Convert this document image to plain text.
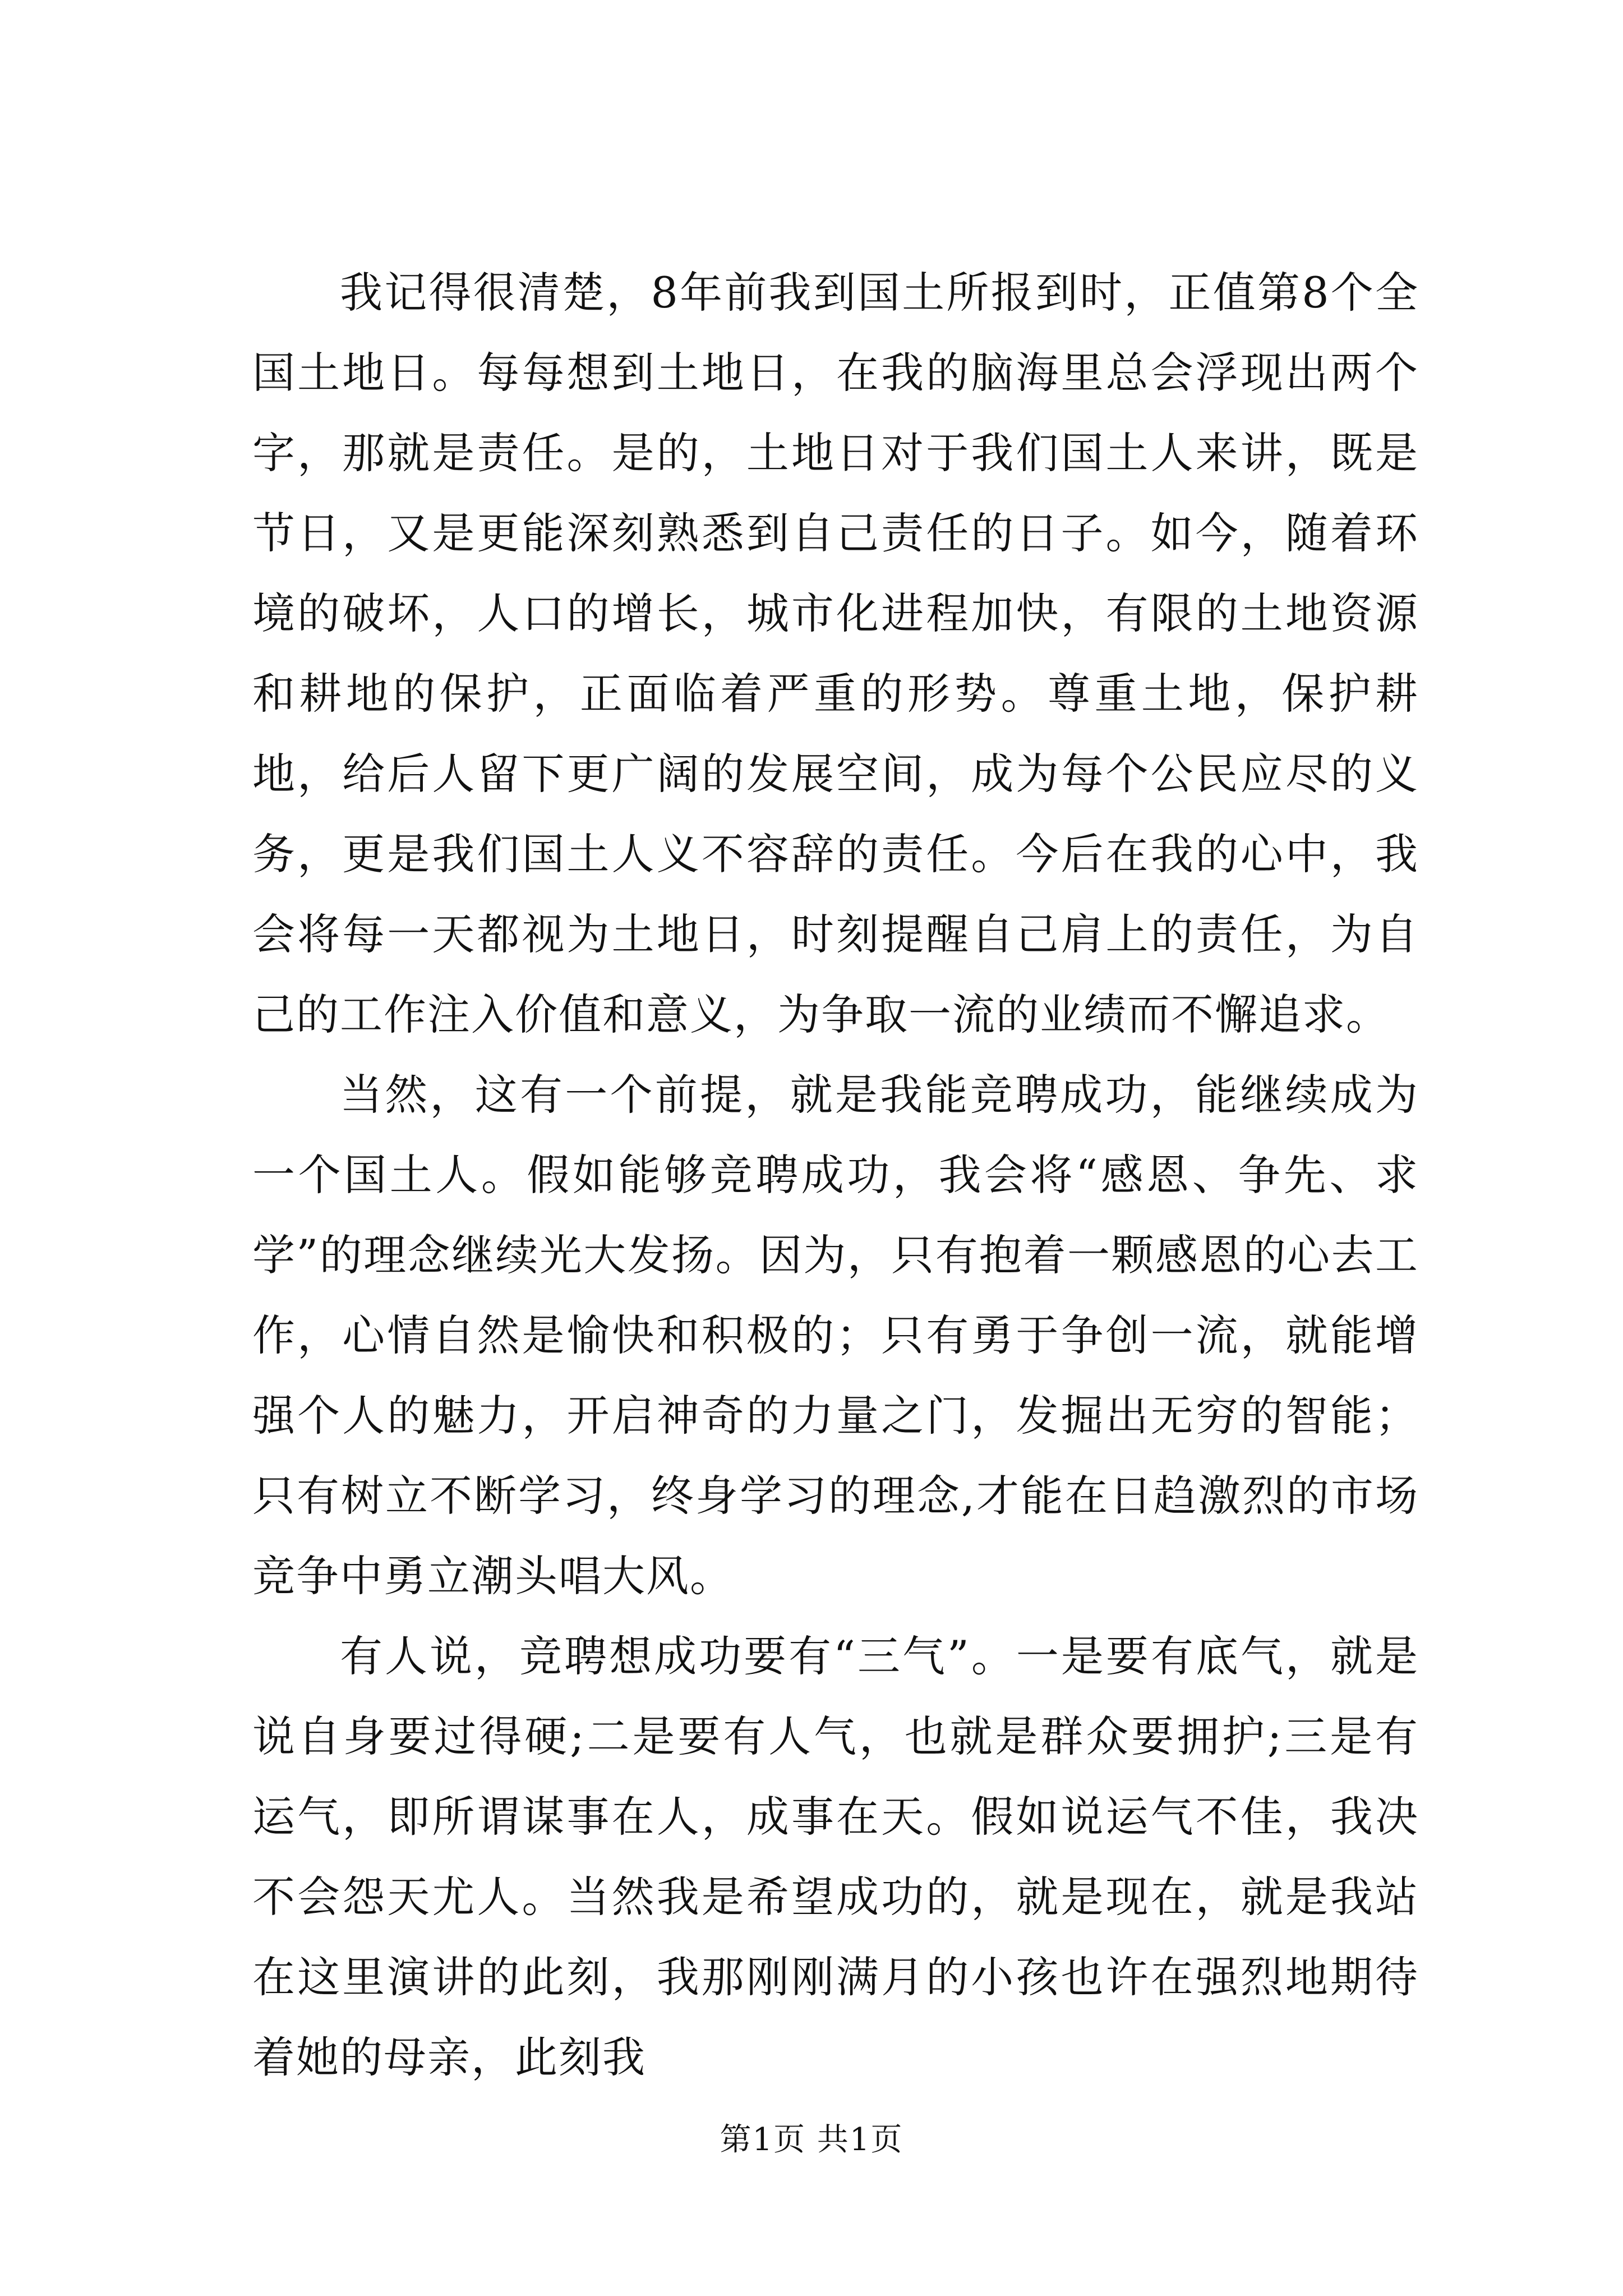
我记得很清楚，8年前我到国土所报到时，正值第8个全国土地日。每每想到土地日，在我的脑海里总会浮现出两个字，那就是责任。是的，土地日对于我们国土人来讲，既是节日，又是更能深刻熟悉到自己责任的日子。如今，随着环境的破坏，人口的增长，城市化进程加快，有限的土地资源和耕地的保护，正面临着严重的形势。尊重土地，保护耕地，给后人留下更广阔的发展空间，成为每个公民应尽的义务，更是我们国土人义不容辞的责任。今后在我的心中，我会将每一天都视为土地日，时刻提醒自己肩上的责任，为自己的工作注入价值和意义，为争取一流的业绩而不懈追求。

当然，这有一个前提，就是我能竞聘成功，能继续成为一个国土人。假如能够竞聘成功，我会将“感恩、争先、求学”的理念继续光大发扬。因为，只有抱着一颗感恩的心去工作，心情自然是愉快和积极的；只有勇于争创一流，就能增强个人的魅力，开启神奇的力量之门，发掘出无穷的智能；只有树立不断学习，终身学习的理念,才能在日趋激烈的市场竞争中勇立潮头唱大风。

有人说，竞聘想成功要有“三气”。一是要有底气，就是说自身要过得硬;二是要有人气，也就是群众要拥护;三是有运气，即所谓谋事在人，成事在天。假如说运气不佳，我决不会怨天尤人。当然我是希望成功的，就是现在，就是我站在这里演讲的此刻，我那刚刚满月的小孩也许在强烈地期待着她的母亲，此刻我

第1页 共1页
